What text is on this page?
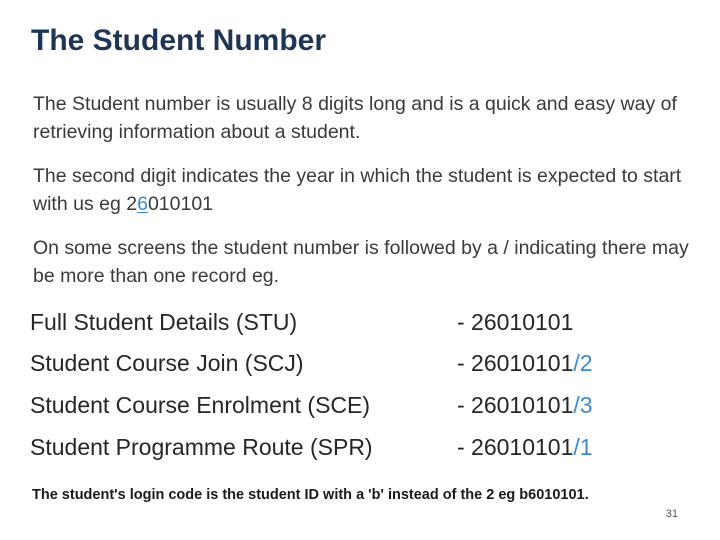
The Student Number
The Student number is usually 8 digits long and is a quick and easy way of retrieving information about a student.
The second digit indicates the year in which the student is expected to start with us eg 26010101
On some screens the student number is followed by a / indicating there may be more than one record eg.
Full Student Details (STU)	- 26010101
Student Course Join (SCJ)	- 26010101/2
Student Course Enrolment (SCE)	- 26010101/3
Student Programme Route (SPR)	- 26010101/1
The student's login code is the student ID with a 'b' instead of the 2 eg b6010101.
31
